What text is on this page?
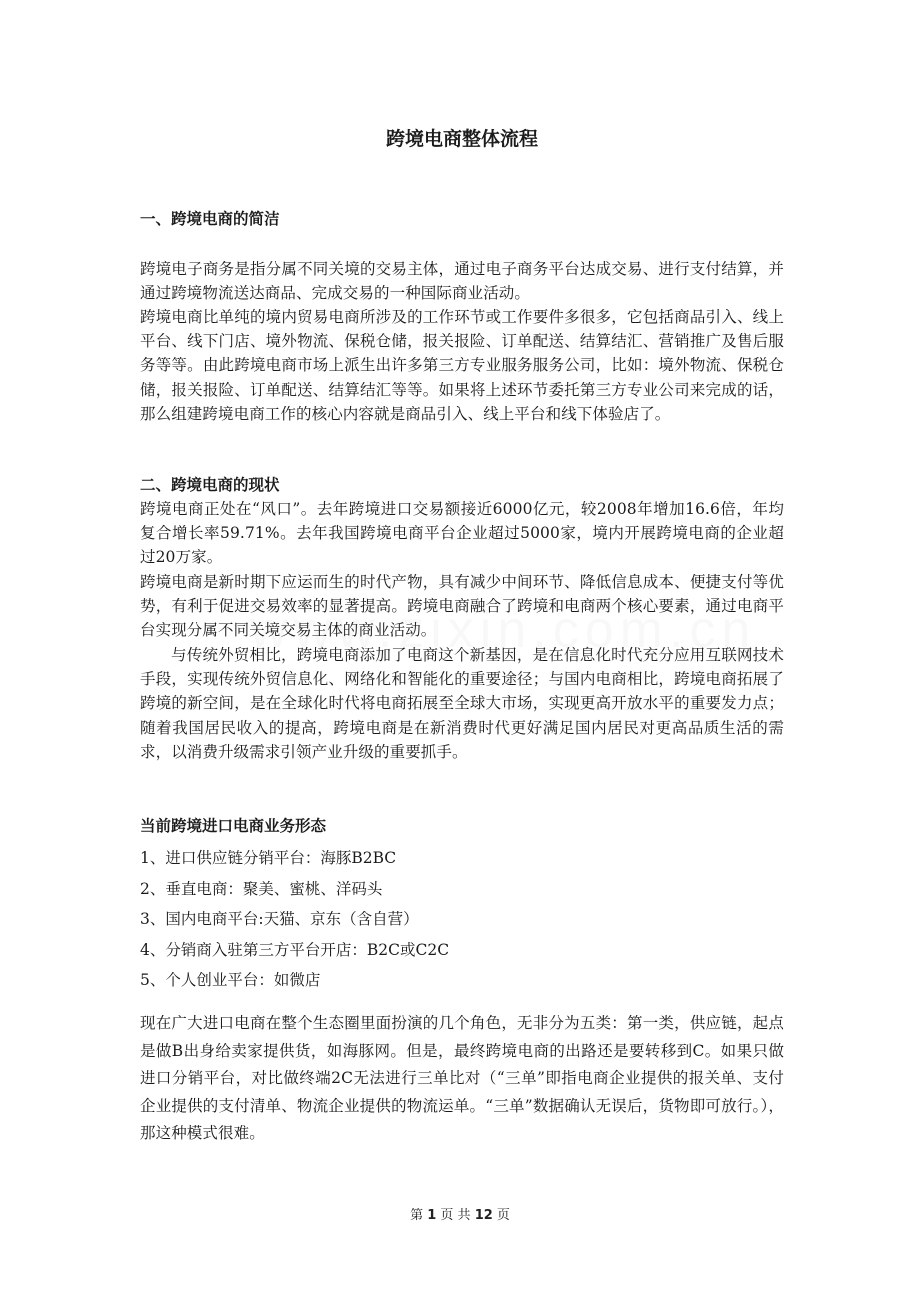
跨境电商整体流程
一、跨境电商的简洁

跨境电子商务是指分属不同关境的交易主体，通过电子商务平台达成交易、进行支付结算，并通过跨境物流送达商品、完成交易的一种国际商业活动。

跨境电商比单纯的境内贸易电商所涉及的工作环节或工作要件多很多，它包括商品引入、线上平台、线下门店、境外物流、保税仓储，报关报险、订单配送、结算结汇、营销推广及售后服务等等。由此跨境电商市场上派生出许多第三方专业服务服务公司，比如：境外物流、保税仓储，报关报险、订单配送、结算结汇等等。如果将上述环节委托第三方专业公司来完成的话，那么组建跨境电商工作的核心内容就是商品引入、线上平台和线下体验店了。

二、跨境电商的现状

跨境电商正处在“风口”。去年跨境进口交易额接近6000亿元，较2008年增加16.6倍，年均复合增长率59.71%。去年我国跨境电商平台企业超过5000家，境内开展跨境电商的企业超过20万家。

跨境电商是新时期下应运而生的时代产物，具有减少中间环节、降低信息成本、便捷支付等优势，有利于促进交易效率的显著提高。跨境电商融合了跨境和电商两个核心要素，通过电商平台实现分属不同关境交易主体的商业活动。

与传统外贸相比，跨境电商添加了电商这个新基因，是在信息化时代充分应用互联网技术手段，实现传统外贸信息化、网络化和智能化的重要途径；与国内电商相比，跨境电商拓展了跨境的新空间，是在全球化时代将电商拓展至全球大市场，实现更高开放水平的重要发力点；随着我国居民收入的提高，跨境电商是在新消费时代更好满足国内居民对更高品质生活的需求，以消费升级需求引领产业升级的重要抓手。

当前跨境进口电商业务形态
1、进口供应链分销平台：海豚B2BC
2、垂直电商：聚美、蜜桃、洋码头
3、国内电商平台:天猫、京东（含自营）
4、分销商入驻第三方平台开店：B2C或C2C
5、个人创业平台：如微店

现在广大进口电商在整个生态圈里面扮演的几个角色，无非分为五类：第一类，供应链，起点是做B出身给卖家提供货，如海豚网。但是，最终跨境电商的出路还是要转移到C。如果只做进口分销平台，对比做终端2C无法进行三单比对（“三单”即指电商企业提供的报关单、支付企业提供的支付清单、物流企业提供的物流运单。“三单”数据确认无误后，货物即可放行。），那这种模式很难。

第 1 页 共 12 页
